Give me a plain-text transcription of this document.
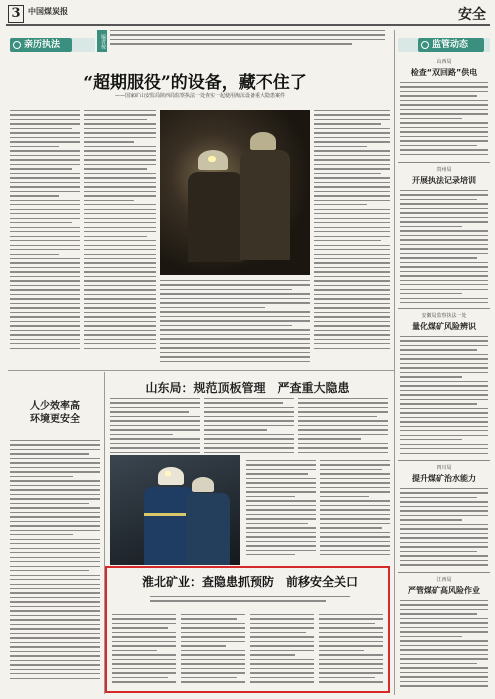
3 中国煤炭报	安全
亲历执法	编者按	监管动态
“超期服役”的设备，藏不住了
——国家矿山安监局陕西局监察执法一处查实一起使用淘汰设备重大隐患案件
人少效率高
环境更安全
山东局：规范顶板管理　严查重大隐患
淮北矿业：查隐患抓预防　前移安全关口
山西局
检查“双回路”供电
贵州局
开展执法记录培训
安徽局监察执法一处
量化煤矿风险辨识
四川局
提升煤矿治水能力
江西局
严管煤矿高风险作业
